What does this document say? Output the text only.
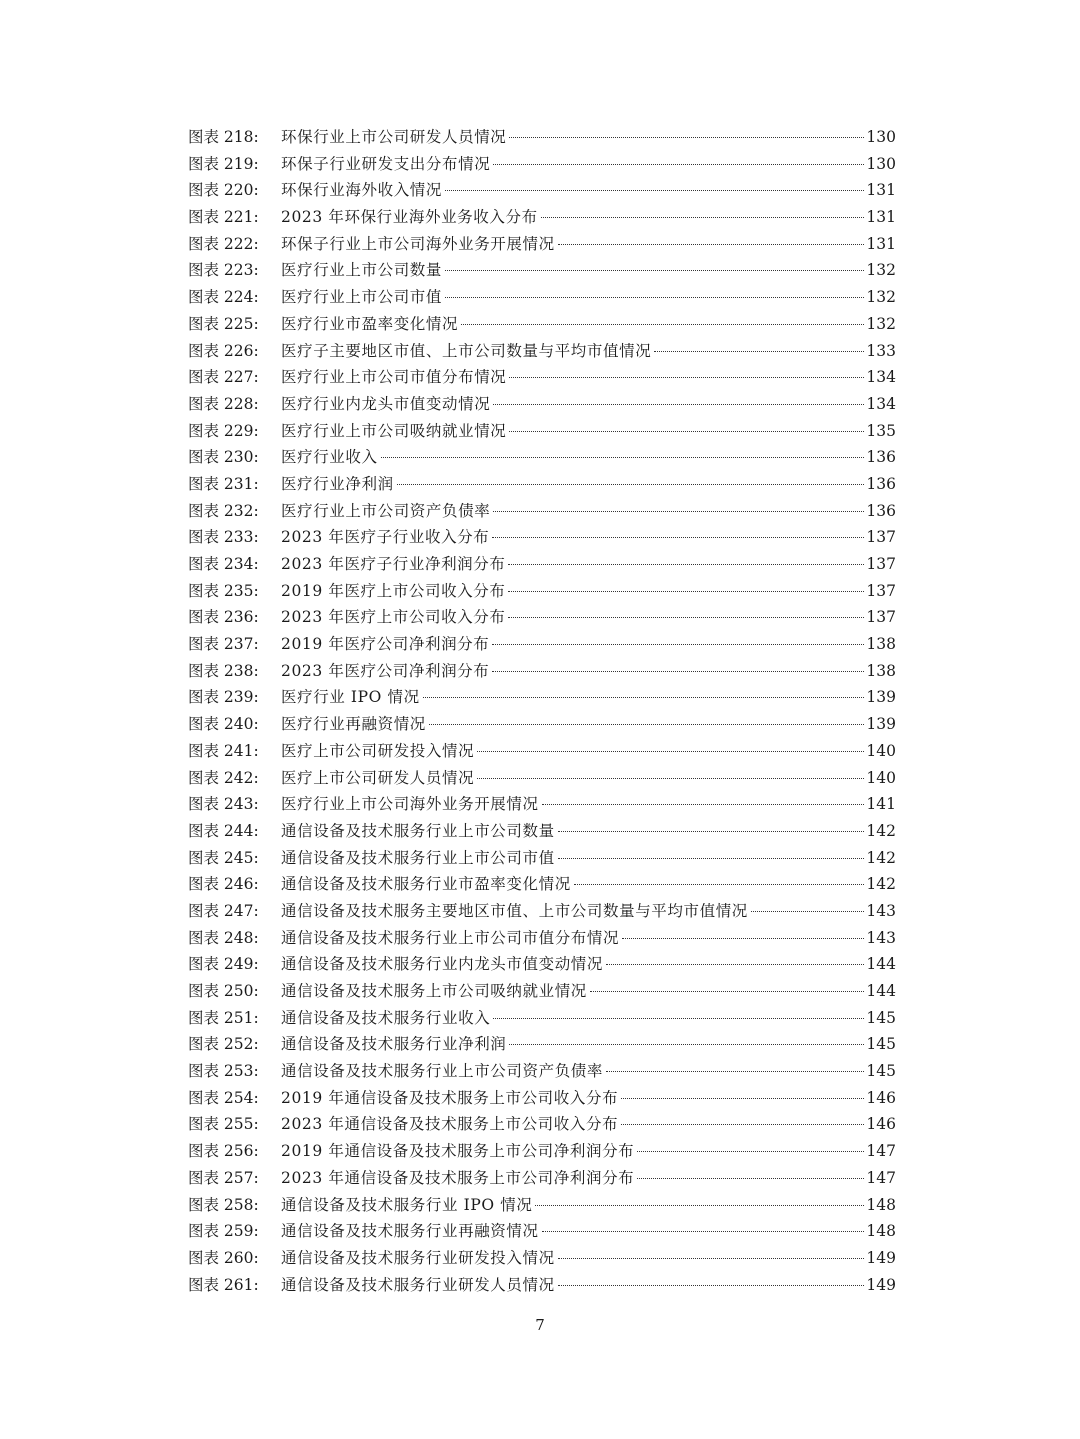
图表 218:	环保行业上市公司研发人员情况	130
图表 219:	环保子行业研发支出分布情况	130
图表 220:	环保行业海外收入情况	131
图表 221:	2023 年环保行业海外业务收入分布	131
图表 222:	环保子行业上市公司海外业务开展情况	131
图表 223:	医疗行业上市公司数量	132
图表 224:	医疗行业上市公司市值	132
图表 225:	医疗行业市盈率变化情况	132
图表 226:	医疗子主要地区市值、上市公司数量与平均市值情况	133
图表 227:	医疗行业上市公司市值分布情况	134
图表 228:	医疗行业内龙头市值变动情况	134
图表 229:	医疗行业上市公司吸纳就业情况	135
图表 230:	医疗行业收入	136
图表 231:	医疗行业净利润	136
图表 232:	医疗行业上市公司资产负债率	136
图表 233:	2023 年医疗子行业收入分布	137
图表 234:	2023 年医疗子行业净利润分布	137
图表 235:	2019 年医疗上市公司收入分布	137
图表 236:	2023 年医疗上市公司收入分布	137
图表 237:	2019 年医疗公司净利润分布	138
图表 238:	2023 年医疗公司净利润分布	138
图表 239:	医疗行业 IPO 情况	139
图表 240:	医疗行业再融资情况	139
图表 241:	医疗上市公司研发投入情况	140
图表 242:	医疗上市公司研发人员情况	140
图表 243:	医疗行业上市公司海外业务开展情况	141
图表 244:	通信设备及技术服务行业上市公司数量	142
图表 245:	通信设备及技术服务行业上市公司市值	142
图表 246:	通信设备及技术服务行业市盈率变化情况	142
图表 247:	通信设备及技术服务主要地区市值、上市公司数量与平均市值情况	143
图表 248:	通信设备及技术服务行业上市公司市值分布情况	143
图表 249:	通信设备及技术服务行业内龙头市值变动情况	144
图表 250:	通信设备及技术服务上市公司吸纳就业情况	144
图表 251:	通信设备及技术服务行业收入	145
图表 252:	通信设备及技术服务行业净利润	145
图表 253:	通信设备及技术服务行业上市公司资产负债率	145
图表 254:	2019 年通信设备及技术服务上市公司收入分布	146
图表 255:	2023 年通信设备及技术服务上市公司收入分布	146
图表 256:	2019 年通信设备及技术服务上市公司净利润分布	147
图表 257:	2023 年通信设备及技术服务上市公司净利润分布	147
图表 258:	通信设备及技术服务行业 IPO 情况	148
图表 259:	通信设备及技术服务行业再融资情况	148
图表 260:	通信设备及技术服务行业研发投入情况	149
图表 261:	通信设备及技术服务行业研发人员情况	149
7
